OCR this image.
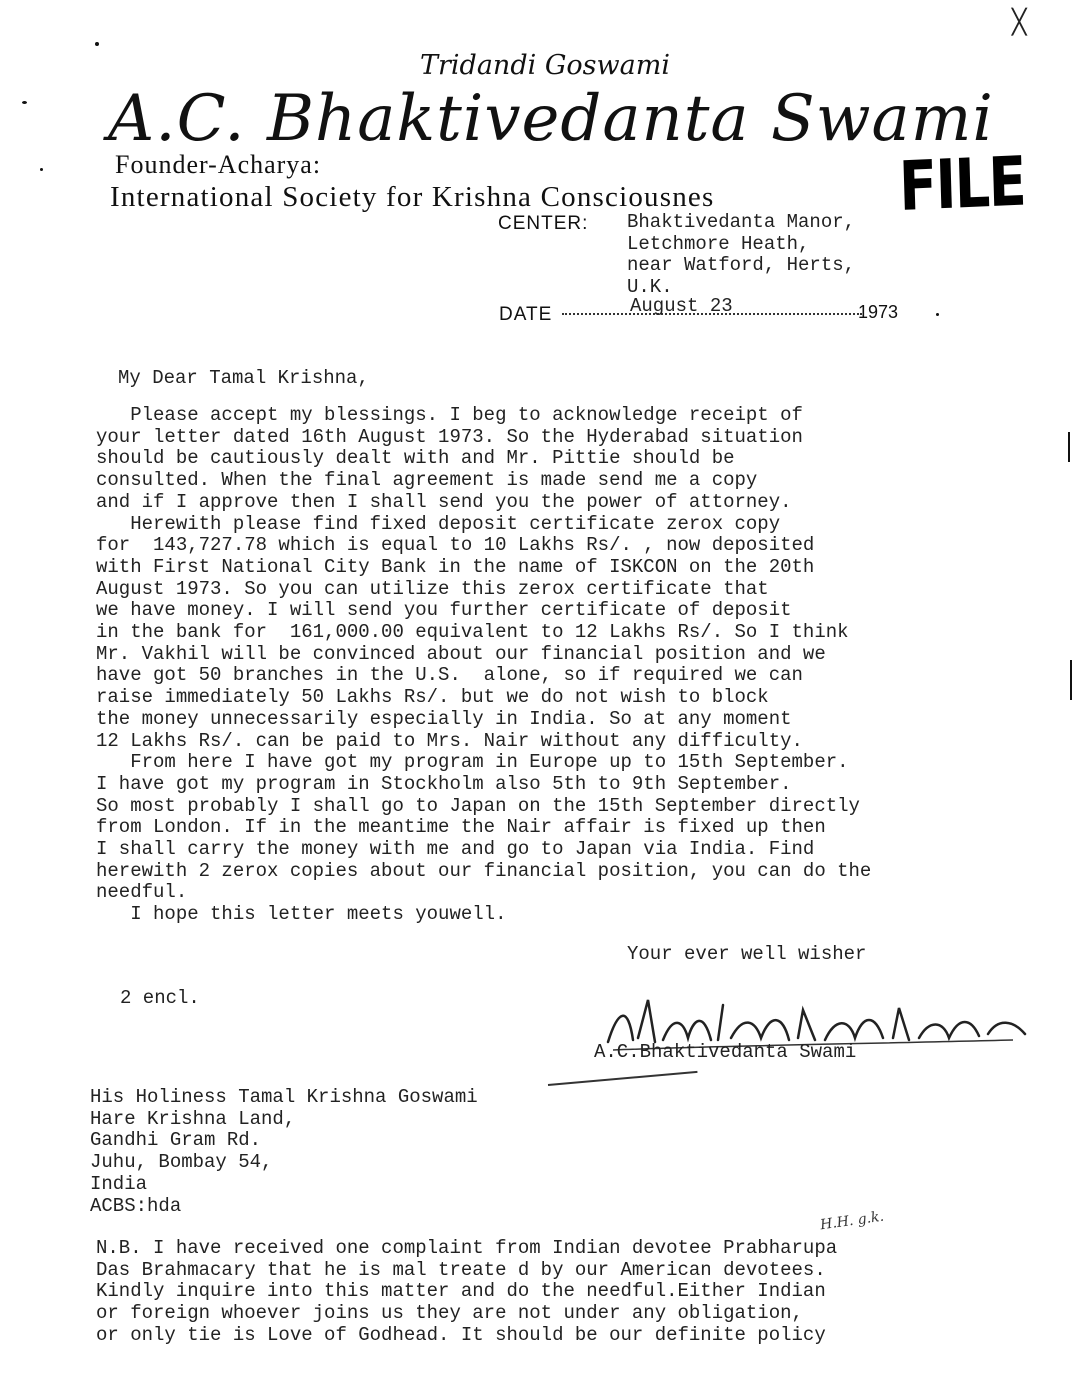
╳
Tridandi Goswami
A.C. Bhaktivedanta Swami
Founder-Acharya:
International Society for Krishna Consciousnes	FILE
CENTER: Bhaktivedanta Manor,
Letchmore Heath,
near Watford, Herts,
U.K.
DATE	August 23	1973
My Dear Tamal Krishna,
Please accept my blessings. I beg to acknowledge receipt of
your letter dated 16th August 1973. So the Hyderabad situation
should be cautiously dealt with and Mr. Pittie should be
consulted. When the final agreement is made send me a copy
and if I approve then I shall send you the power of attorney.
Herewith please find fixed deposit certificate zerox copy
for  143,727.78 which is equal to 10 Lakhs Rs/. , now deposited
with First National City Bank in the name of ISKCON on the 20th
August 1973. So you can utilize this zerox certificate that
we have money. I will send you further certificate of deposit
in the bank for  161,000.00 equivalent to 12 Lakhs Rs/. So I think
Mr. Vakhil will be convinced about our financial position and we
have got 50 branches in the U.S.  alone, so if required we can
raise immediately 50 Lakhs Rs/. but we do not wish to block
the money unnecessarily especially in India. So at any moment
12 Lakhs Rs/. can be paid to Mrs. Nair without any difficulty.
From here I have got my program in Europe up to 15th September.
I have got my program in Stockholm also 5th to 9th September.
So most probably I shall go to Japan on the 15th September directly
from London. If in the meantime the Nair affair is fixed up then
I shall carry the money with me and go to Japan via India. Find
herewith 2 zerox copies about our financial position, you can do the
needful.
I hope this letter meets youwell.
Your ever well wisher

A.C.Bhaktivedanta Swami
2 encl.
His Holiness Tamal Krishna Goswami
Hare Krishna Land,
Gandhi Gram Rd.
Juhu, Bombay 54,
India
ACBS:hda
H.H. g.k.
N.B. I have received one complaint from Indian devotee Prabharupa
Das Brahmacary that he is mal treate d by our American devotees.
Kindly inquire into this matter and do the needful.Either Indian
or foreign whoever joins us they are not under any obligation,
or only tie is Love of Godhead. It should be our definite policy
